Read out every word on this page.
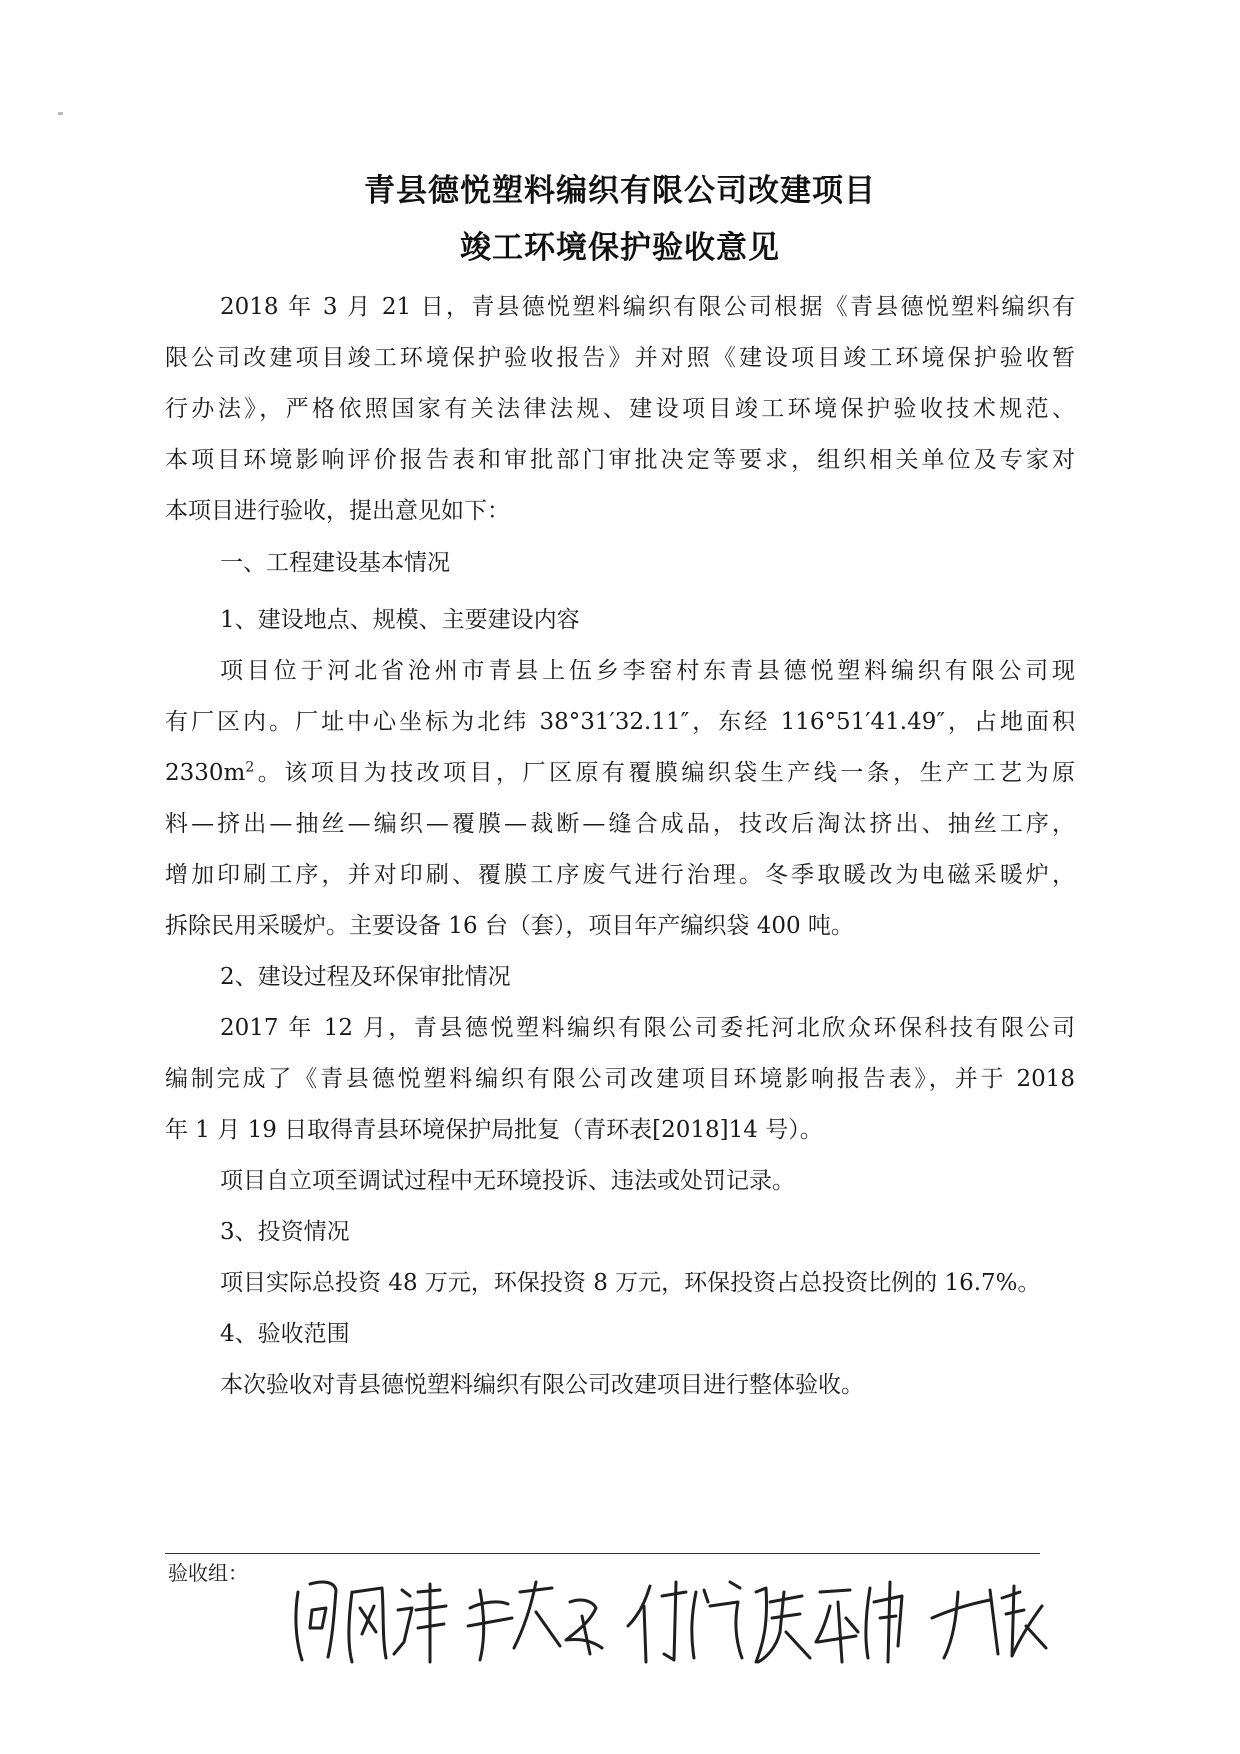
青县德悦塑料编织有限公司改建项目
竣工环境保护验收意见
2018 年 3 月 21 日，青县德悦塑料编织有限公司根据《青县德悦塑料编织有
限公司改建项目竣工环境保护验收报告》并对照《建设项目竣工环境保护验收暂
行办法》，严格依照国家有关法律法规、建设项目竣工环境保护验收技术规范、
本项目环境影响评价报告表和审批部门审批决定等要求，组织相关单位及专家对
本项目进行验收，提出意见如下：
一、工程建设基本情况
1、建设地点、规模、主要建设内容
项目位于河北省沧州市青县上伍乡李窑村东青县德悦塑料编织有限公司现
有厂区内。厂址中心坐标为北纬 38°31′32.11″，东经 116°51′41.49″，占地面积
$2330m^2$。该项目为技改项目，厂区原有覆膜编织袋生产线一条，生产工艺为原
料—挤出—抽丝—编织—覆膜—裁断—缝合成品，技改后淘汰挤出、抽丝工序，
增加印刷工序，并对印刷、覆膜工序废气进行治理。冬季取暖改为电磁采暖炉，
拆除民用采暖炉。主要设备 16 台（套），项目年产编织袋 400 吨。
2、建设过程及环保审批情况
2017 年 12 月，青县德悦塑料编织有限公司委托河北欣众环保科技有限公司
编制完成了《青县德悦塑料编织有限公司改建项目环境影响报告表》，并于 2018
年 1 月 19 日取得青县环境保护局批复（青环表[2018]14 号）。
项目自立项至调试过程中无环境投诉、违法或处罚记录。
3、投资情况
项目实际总投资 48 万元，环保投资 8 万元，环保投资占总投资比例的 16.7%。
4、验收范围
本次验收对青县德悦塑料编织有限公司改建项目进行整体验收。
验收组：
